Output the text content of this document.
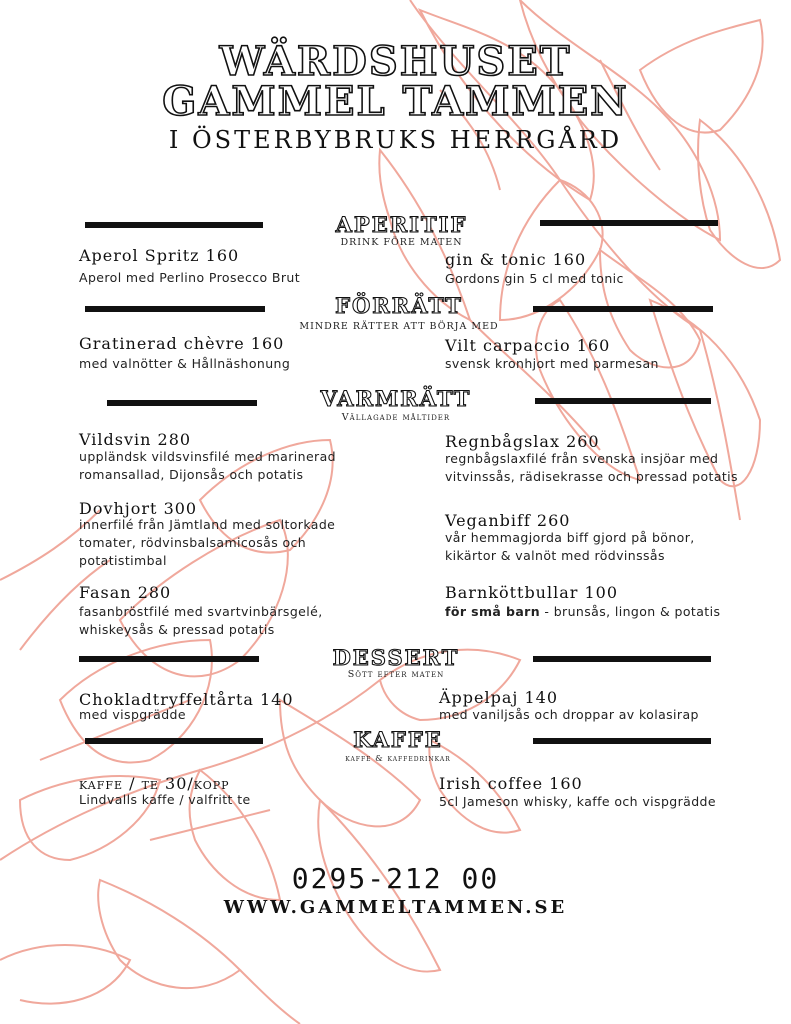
WÄRDSHUSET
GAMMEL TAMMEN
I ÖSTERBYBRUKS HERRGÅRD
APERITIF
DRINK FÖRE MATEN
Aperol Spritz 160
Aperol med Perlino Prosecco Brut
gin & tonic 160
Gordons gin 5 cl med tonic
FÖRRÄTT
MINDRE RÄTTER ATT BÖRJA MED
Gratinerad chèvre 160
med valnötter & Hållnäshonung
Vilt carpaccio 160
svensk kronhjort med parmesan
VARMRÄTT
Vällagade måltider
Vildsvin 280
uppländsk vildsvinsfilé med marinerad romansallad, Dijonsås och potatis
Regnbågslax 260
regnbågslaxfilé från svenska insjöar med vitvinssås, rädisekrasse och pressad potatis
Dovhjort 300
innerfilé från Jämtland med soltorkade tomater, rödvinsbalsamicosås och potatistimbal
Veganbiff 260
vår hemmagjorda biff gjord på bönor, kikärtor & valnöt med rödvinssås
Fasan 280
fasanbröstfilé med svartvinbärsgelé, whiskeysås & pressad potatis
Barnköttbullar 100
för små barn - brunsås, lingon & potatis
DESSERT
Sött efter maten
Chokladtryffeltårta 140
med vispgrädde
Äppelpaj 140
med vaniljsås och droppar av kolasirap
KAFFE
kaffe & kaffedrinkar
kaffe / te 30/kopp
Lindvalls kaffe / valfritt te
Irish coffee 160
5cl Jameson whisky, kaffe och vispgrädde
0295-212 00
WWW.GAMMELTAMMEN.SE
